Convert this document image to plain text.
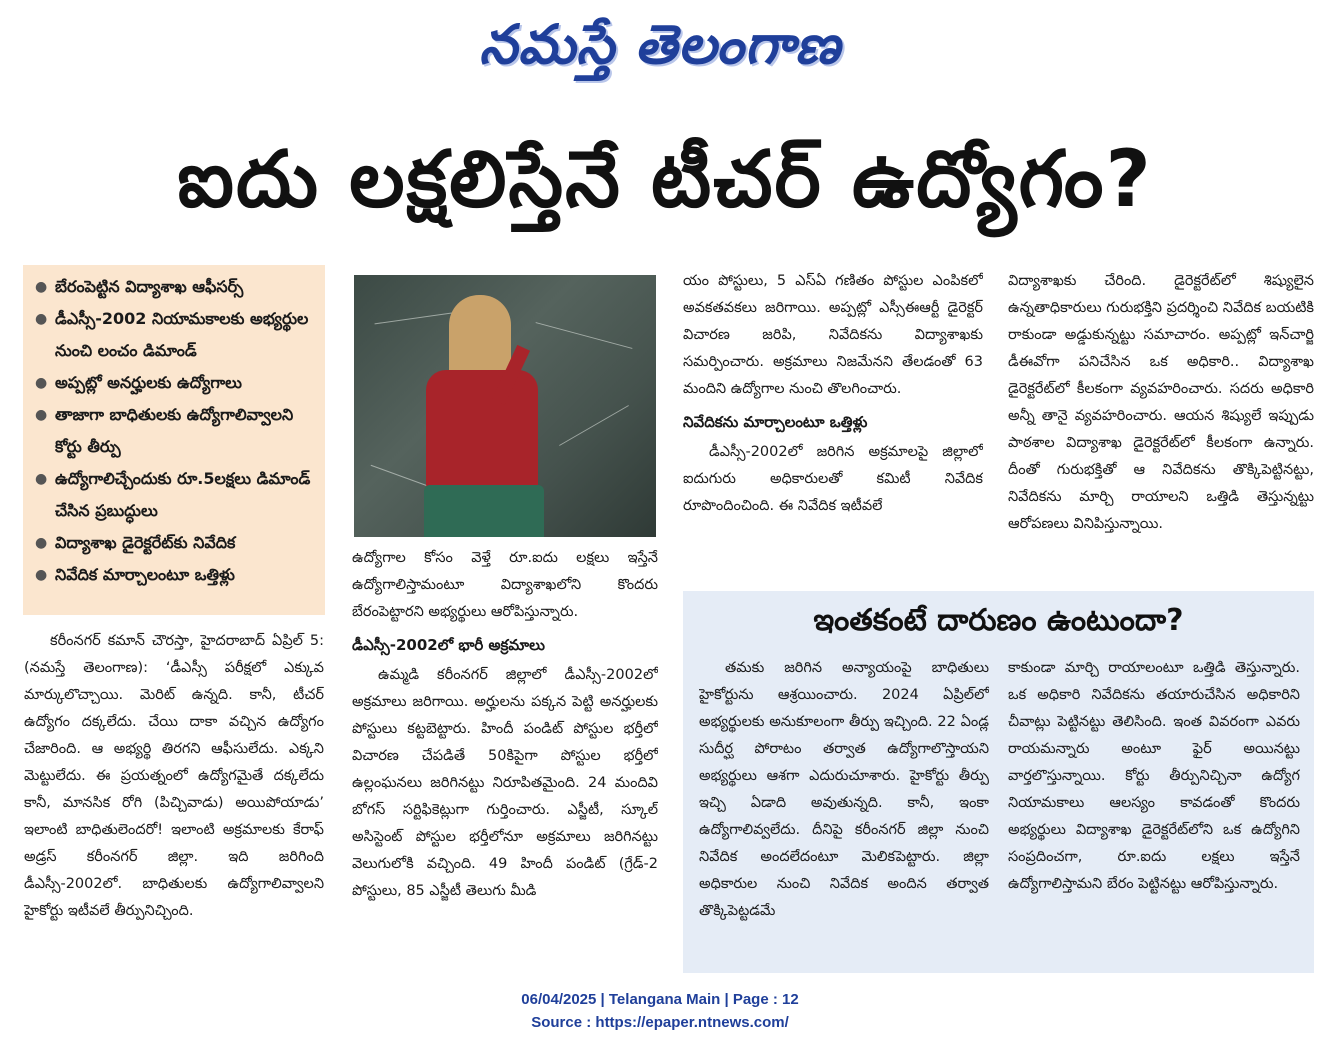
నమస్తే తెలంగాణ
ఐదు లక్షలిస్తేనే టీచర్ ఉద్యోగం?
● బేరంపెట్టిన విద్యాశాఖ ఆఫీసర్స్
● డీఎస్సీ-2002 నియామకాలకు అభ్యర్థుల నుంచి లంచం డిమాండ్
● అప్పట్లో అనర్హులకు ఉద్యోగాలు
● తాజాగా బాధితులకు ఉద్యోగాలివ్వాలని కోర్టు తీర్పు
● ఉద్యోగాలిచ్చేందుకు రూ.5లక్షలు డిమాండ్ చేసిన ప్రబుద్ధులు
● విద్యాశాఖ డైరెక్టరేట్‌కు నివేదిక
● నివేదిక మార్చాలంటూ ఒత్తిళ్లు

కరీంనగర్ కమాన్ చౌరస్తా, హైదరాబాద్ ఏప్రిల్ 5: (నమస్తే తెలంగాణ): ‘డీఎస్సీ పరీక్షలో ఎక్కువ మార్కులొచ్చాయి. మెరిట్ ఉన్నది. కానీ, టీచర్ ఉద్యోగం దక్కలేదు. చేయి దాకా వచ్చిన ఉద్యోగం చేజారింది. ఆ అభ్యర్థి తిరగని ఆఫీసులేదు. ఎక్కని మెట్టులేదు. ఈ ప్రయత్నంలో ఉద్యోగమైతే దక్కలేదు కానీ, మానసిక రోగి (పిచ్చివాడు) అయిపోయాడు’ ఇలాంటి బాధితులెందరో! ఇలాంటి అక్రమాలకు కేరాఫ్ అడ్రస్ కరీంనగర్ జిల్లా. ఇది జరిగింది డీఎస్సీ-2002లో. బాధితులకు ఉద్యోగాలివ్వాలని హైకోర్టు ఇటీవలే తీర్పునిచ్చింది.

ఉద్యోగాల కోసం వెళ్తే రూ.ఐదు లక్షలు ఇస్తేనే ఉద్యోగాలిస్తామంటూ విద్యాశాఖలోని కొందరు బేరంపెట్టారని అభ్యర్థులు ఆరోపిస్తున్నారు.
డీఎస్సీ-2002లో భారీ అక్రమాలు

ఉమ్మడి కరీంనగర్ జిల్లాలో డీఎస్సీ-2002లో అక్రమాలు జరిగాయి. అర్హులను పక్కన పెట్టి అనర్హులకు పోస్టులు కట్టబెట్టారు. హిందీ పండిట్ పోస్టుల భర్తీలో విచారణ చేపడితే 50కిపైగా పోస్టుల భర్తీలో ఉల్లంఘనలు జరిగినట్టు నిరూపితమైంది. 24 మందివి బోగస్ సర్టిఫికెట్లుగా గుర్తించారు. ఎస్జీటీ, స్కూల్ అసిస్టెంట్ పోస్టుల భర్తీలోనూ అక్రమాలు జరిగినట్టు వెలుగులోకి వచ్చింది. 49 హిందీ పండిట్ (గ్రేడ్-2 పోస్టులు, 85 ఎస్జీటీ తెలుగు మీడి

యం పోస్టులు, 5 ఎస్ఏ గణితం పోస్టుల ఎంపికలో అవకతవకలు జరిగాయి. అప్పట్లో ఎస్సీఈఆర్టీ డైరెక్టర్ విచారణ జరిపి, నివేదికను విద్యాశాఖకు సమర్పించారు. అక్రమాలు నిజమేనని తేలడంతో 63 మందిని ఉద్యోగాల నుంచి తొలగించారు.

నివేదికను మార్చాలంటూ ఒత్తిళ్లు

డీఎస్సీ-2002లో జరిగిన అక్రమాలపై జిల్లాలో ఐదుగురు అధికారులతో కమిటీ నివేదిక రూపొందించింది. ఈ నివేదిక ఇటీవలే

విద్యాశాఖకు చేరింది. డైరెక్టరేట్‌లో శిష్యులైన ఉన్నతాధికారులు గురుభక్తిని ప్రదర్శించి నివేదిక బయటికి రాకుండా అడ్డుకున్నట్టు సమాచారం. అప్పట్లో ఇన్‌చార్జి డీఈవోగా పనిచేసిన ఒక అధికారి.. విద్యాశాఖ డైరెక్టరేట్‌లో కీలకంగా వ్యవహరించారు. సదరు అధికారి అన్నీ తానై వ్యవహరించారు. ఆయన శిష్యులే ఇప్పుడు పాఠశాల విద్యాశాఖ డైరెక్టరేట్‌లో కీలకంగా ఉన్నారు. దీంతో గురుభక్తితో ఆ నివేదికను తొక్కిపెట్టినట్టు, నివేదికను మార్చి రాయాలని ఒత్తిడి తెస్తున్నట్టు ఆరోపణలు వినిపిస్తున్నాయి.

ఇంతకంటే దారుణం ఉంటుందా?

తమకు జరిగిన అన్యాయంపై బాధితులు హైకోర్టును ఆశ్రయించారు. 2024 ఏప్రిల్‌లో అభ్యర్థులకు అనుకూలంగా తీర్పు ఇచ్చింది. 22 ఏండ్ల సుదీర్ఘ పోరాటం తర్వాత ఉద్యోగాలొస్తాయని అభ్యర్థులు ఆశగా ఎదురుచూశారు. హైకోర్టు తీర్పు ఇచ్చి ఏడాది అవుతున్నది. కానీ, ఇంకా ఉద్యోగాలివ్వలేదు. దీనిపై కరీంనగర్ జిల్లా నుంచి నివేదిక అందలేదంటూ మెలికపెట్టారు. జిల్లా అధికారుల నుంచి నివేదిక అందిన తర్వాత తొక్కిపెట్టడమే

కాకుండా మార్చి రాయాలంటూ ఒత్తిడి తెస్తున్నారు. ఒక అధికారి నివేదికను తయారుచేసిన అధికారిని చీవాట్లు పెట్టినట్టు తెలిసింది. ఇంత వివరంగా ఎవరు రాయమన్నారు అంటూ ఫైర్ అయినట్టు వార్తలొస్తున్నాయి. కోర్టు తీర్పునిచ్చినా ఉద్యోగ నియామకాలు ఆలస్యం కావడంతో కొందరు అభ్యర్థులు విద్యాశాఖ డైరెక్టరేట్‌లోని ఒక ఉద్యోగిని సంప్రదించగా, రూ.ఐదు లక్షలు ఇస్తేనే ఉద్యోగాలిస్తామని బేరం పెట్టినట్టు ఆరోపిస్తున్నారు.

06/04/2025 | Telangana Main | Page : 12
Source : https://epaper.ntnews.com/
